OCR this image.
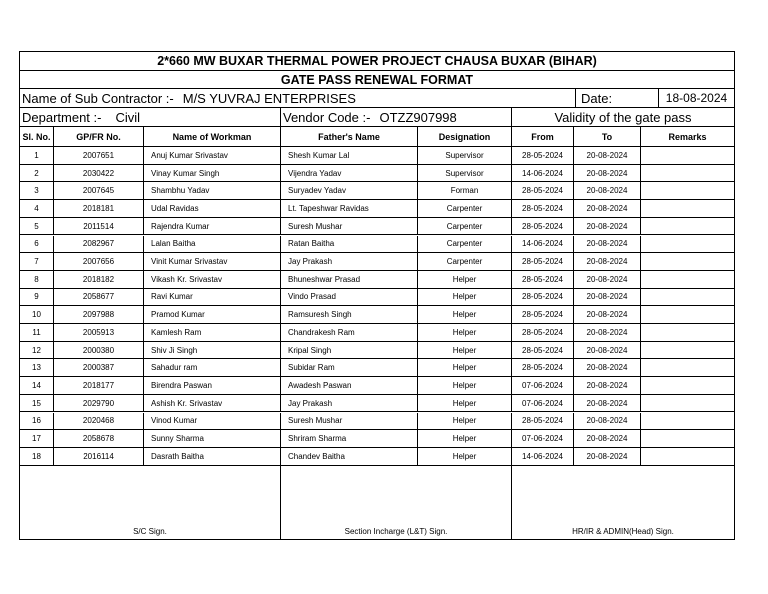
2*660 MW BUXAR THERMAL POWER PROJECT CHAUSA BUXAR (BIHAR)
GATE PASS RENEWAL FORMAT
Name of Sub Contractor :- M/S YUVRAJ ENTERPRISES	Date:	18-08-2024
Department :- Civil	Vendor Code :- OTZZ907998	Validity of the gate pass
Sl. No.	GP/FR No.	Name of Workman	Father's Name	Designation	From	To	Remarks
1	2007651	Anuj Kumar Srivastav	Shesh Kumar Lal	Supervisor	28-05-2024	20-08-2024
2	2030422	Vinay Kumar Singh	Vijendra Yadav	Supervisor	14-06-2024	20-08-2024
3	2007645	Shambhu Yadav	Suryadev Yadav	Forman	28-05-2024	20-08-2024
4	2018181	Udal Ravidas	Lt. Tapeshwar Ravidas	Carpenter	28-05-2024	20-08-2024
5	2011514	Rajendra Kumar	Suresh Mushar	Carpenter	28-05-2024	20-08-2024
6	2082967	Lalan Baitha	Ratan Baitha	Carpenter	14-06-2024	20-08-2024
7	2007656	Vinit Kumar Srivastav	Jay Prakash	Carpenter	28-05-2024	20-08-2024
8	2018182	Vikash Kr. Srivastav	Bhuneshwar Prasad	Helper	28-05-2024	20-08-2024
9	2058677	Ravi Kumar	Vindo Prasad	Helper	28-05-2024	20-08-2024
10	2097988	Pramod Kumar	Ramsuresh Singh	Helper	28-05-2024	20-08-2024
11	2005913	Kamlesh Ram	Chandrakesh Ram	Helper	28-05-2024	20-08-2024
12	2000380	Shiv Ji Singh	Kripal Singh	Helper	28-05-2024	20-08-2024
13	2000387	Sahadur ram	Subidar Ram	Helper	28-05-2024	20-08-2024
14	2018177	Birendra Paswan	Awadesh Paswan	Helper	07-06-2024	20-08-2024
15	2029790	Ashish Kr. Srivastav	Jay Prakash	Helper	07-06-2024	20-08-2024
16	2020468	Vinod Kumar	Suresh Mushar	Helper	28-05-2024	20-08-2024
17	2058678	Sunny Sharma	Shriram Sharma	Helper	07-06-2024	20-08-2024
18	2016114	Dasrath Baitha	Chandev Baitha	Helper	14-06-2024	20-08-2024
S/C Sign.	Section Incharge (L&T) Sign.	HR/IR & ADMIN(Head) Sign.
